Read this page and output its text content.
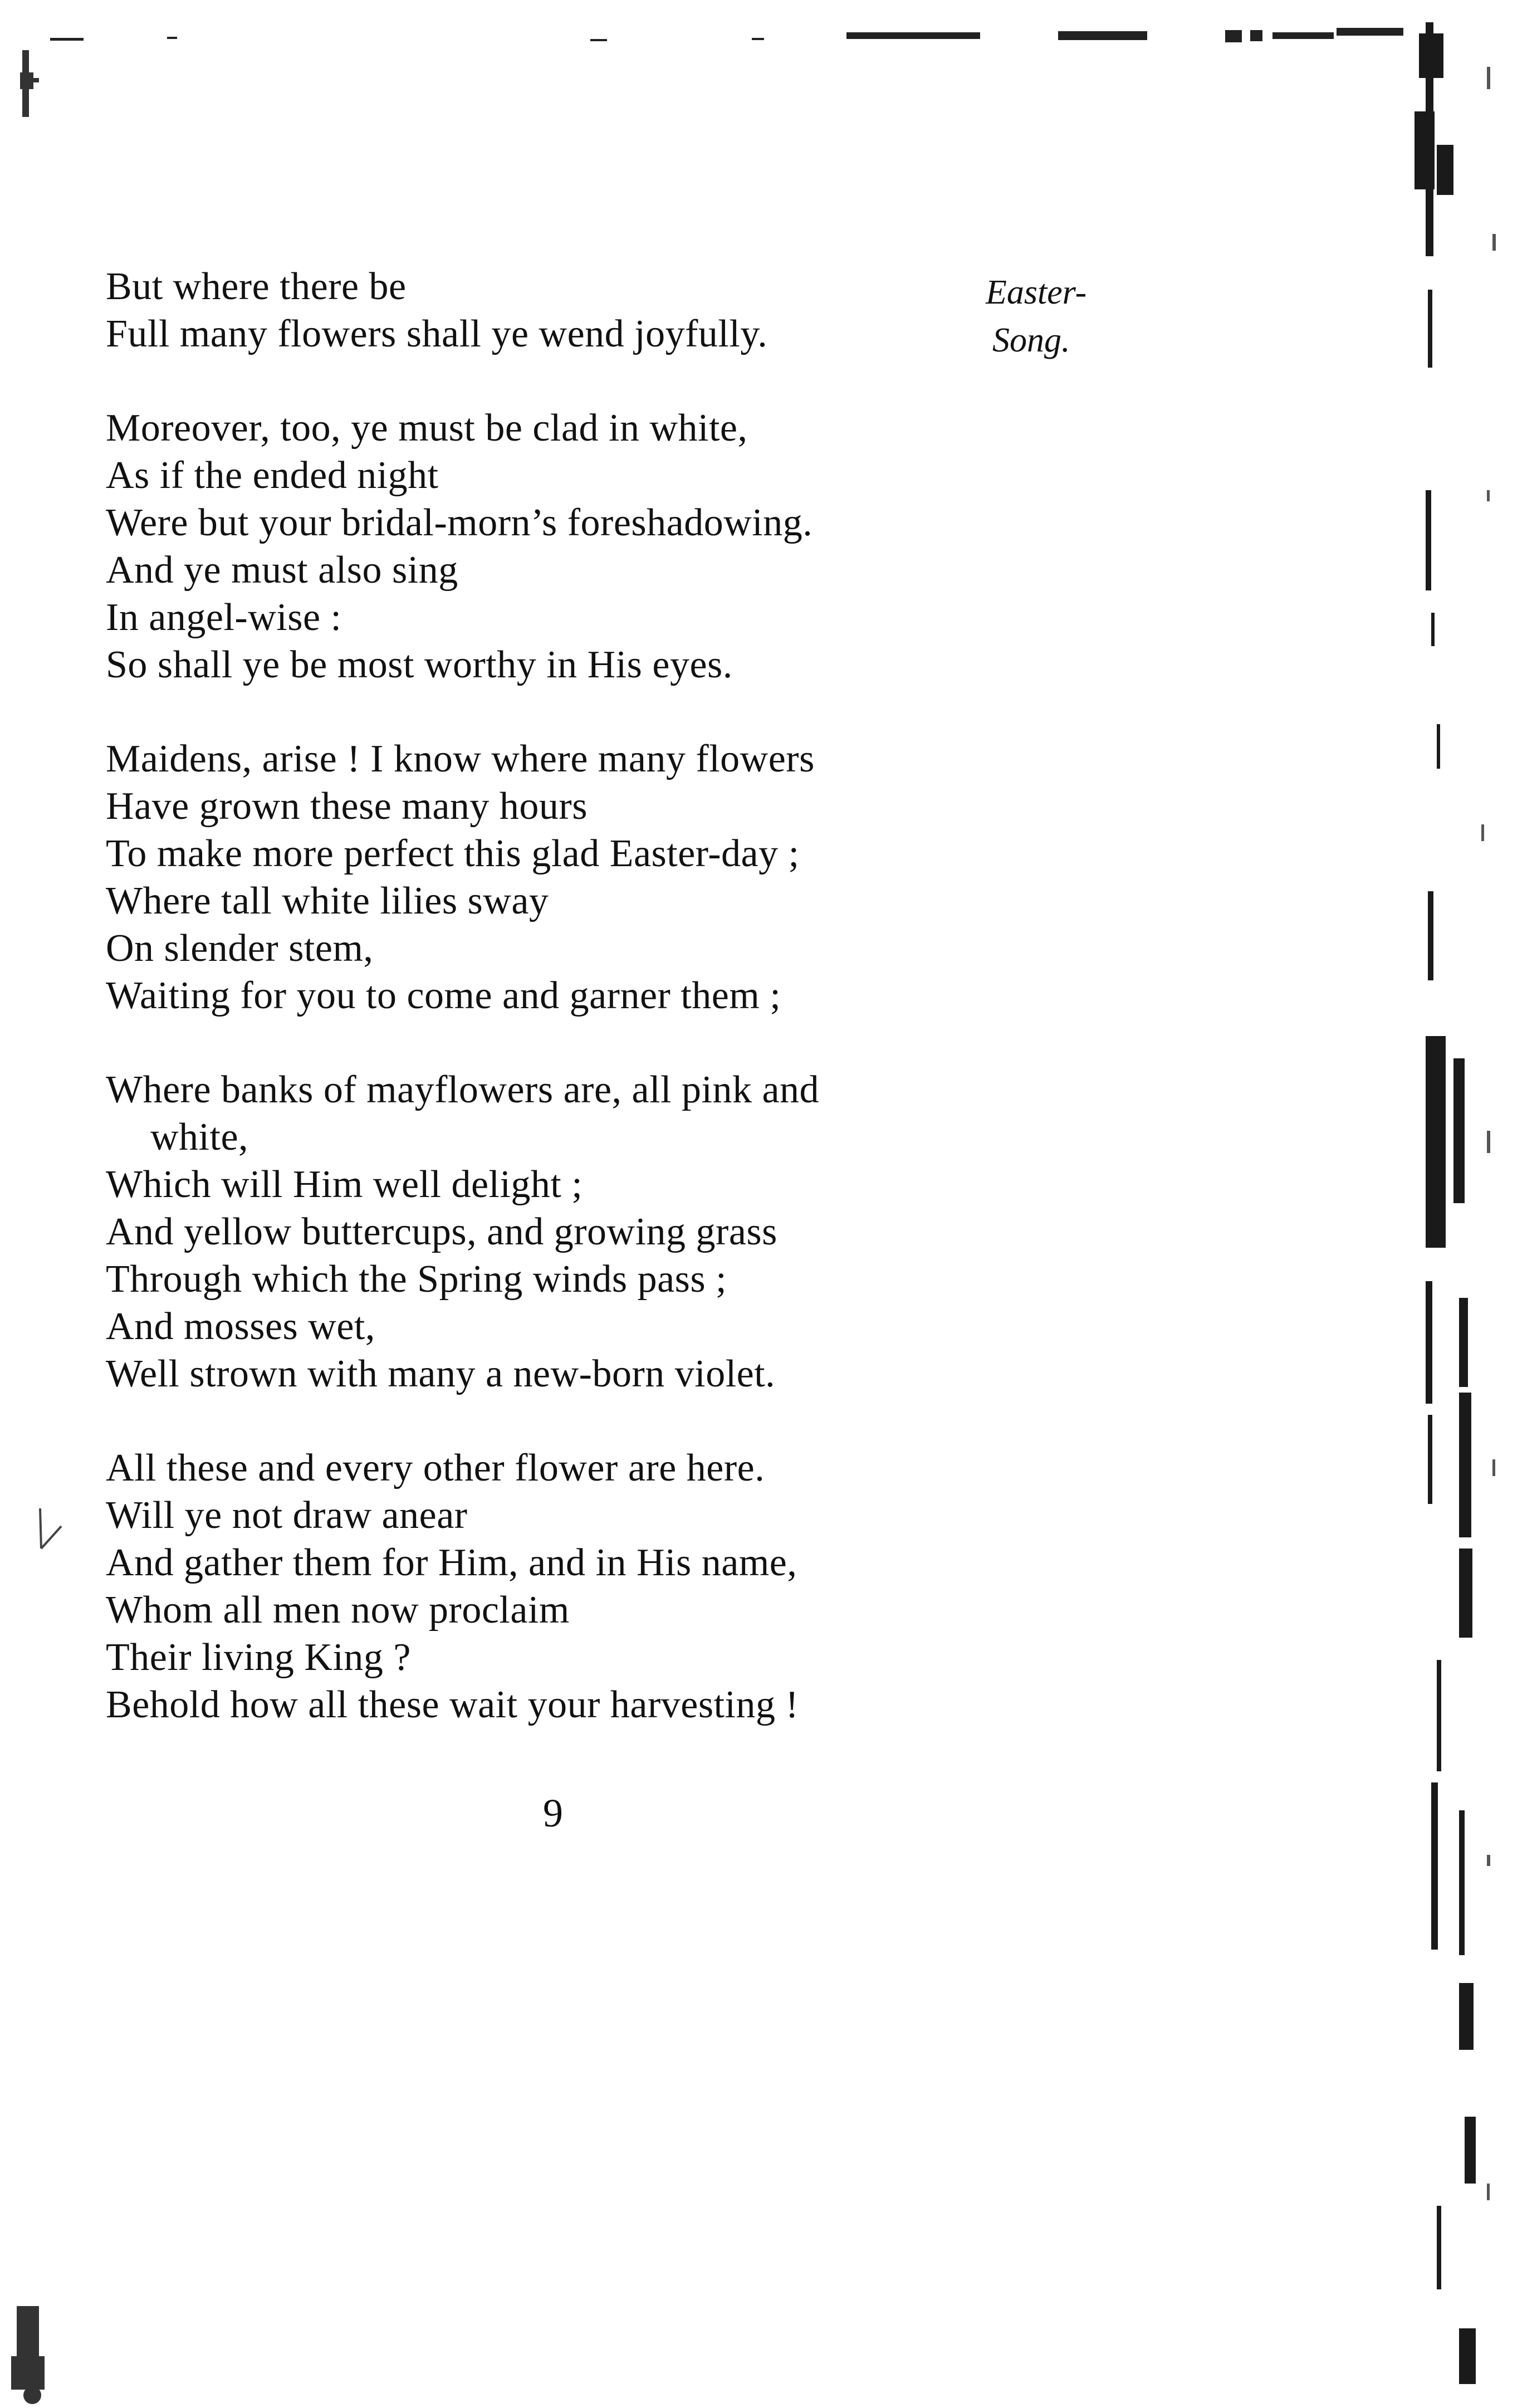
Easter-
Song.
But where there be
Full many flowers shall ye wend joyfully.
Moreover, too, ye must be clad in white,
As if the ended night
Were but your bridal-morn’s foreshadowing.
And ye must also sing
In angel-wise :
So shall ye be most worthy in His eyes.
Maidens, arise ! I know where many flowers
Have grown these many hours
To make more perfect this glad Easter-day ;
Where tall white lilies sway
On slender stem,
Waiting for you to come and garner them ;
Where banks of mayflowers are, all pink and
white,
Which will Him well delight ;
And yellow buttercups, and growing grass
Through which the Spring winds pass ;
And mosses wet,
Well strown with many a new-born violet.
All these and every other flower are here.
Will ye not draw anear
And gather them for Him, and in His name,
Whom all men now proclaim
Their living King ?
Behold how all these wait your harvesting !
9
